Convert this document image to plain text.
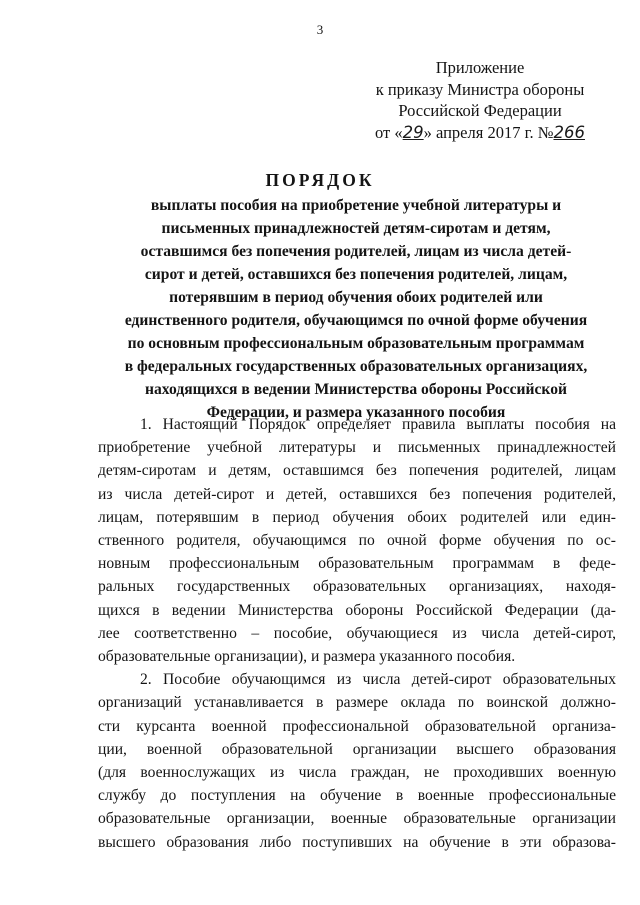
3
Приложение
к приказу Министра обороны
Российской Федерации
от «29» апреля 2017 г. №266
ПОРЯДОК
выплаты пособия на приобретение учебной литературы и
письменных принадлежностей детям-сиротам и детям,
оставшимся без попечения родителей, лицам из числа детей-
сирот и детей, оставшихся без попечения родителей, лицам,
потерявшим в период обучения обоих родителей или
единственного родителя, обучающимся по очной форме обучения
по основным профессиональным образовательным программам
в федеральных государственных образовательных организациях,
находящихся в ведении Министерства обороны Российской
Федерации, и размера указанного пособия
1. Настоящий Порядок определяет правила выплаты пособия на
приобретение учебной литературы и письменных принадлежностей
детям-сиротам и детям, оставшимся без попечения родителей, лицам
из числа детей-сирот и детей, оставшихся без попечения родителей,
лицам, потерявшим в период обучения обоих родителей или един-
ственного родителя, обучающимся по очной форме обучения по ос-
новным профессиональным образовательным программам в феде-
ральных государственных образовательных организациях, находя-
щихся в ведении Министерства обороны Российской Федерации (да-
лее соответственно – пособие, обучающиеся из числа детей-сирот,
образовательные организации), и размера указанного пособия.
2. Пособие обучающимся из числа детей-сирот образовательных
организаций устанавливается в размере оклада по воинской должно-
сти курсанта военной профессиональной образовательной организа-
ции, военной образовательной организации высшего образования
(для военнослужащих из числа граждан, не проходивших военную
службу до поступления на обучение в военные профессиональные
образовательные организации, военные образовательные организации
высшего образования либо поступивших на обучение в эти образова-
